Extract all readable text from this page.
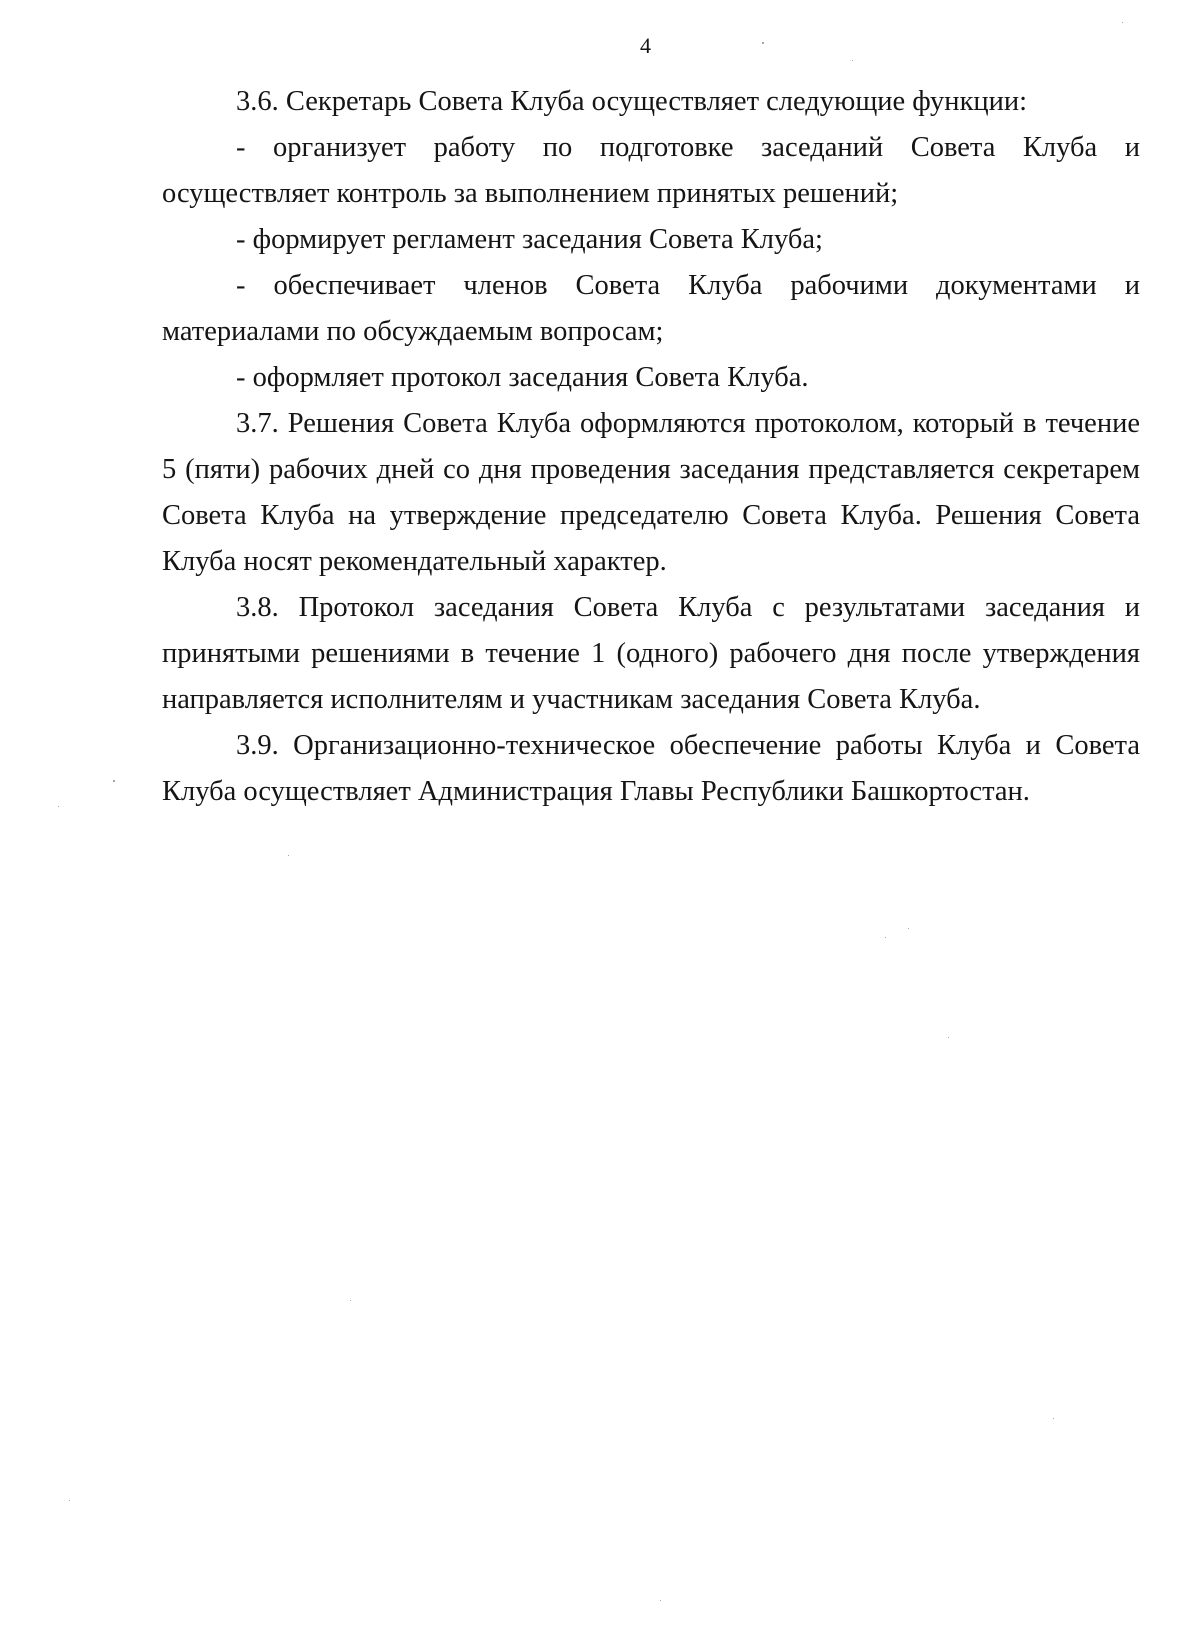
4

3.6. Секретарь Совета Клуба осуществляет следующие функции:

- организует работу по подготовке заседаний Совета Клуба и осуществляет контроль за выполнением принятых решений;

- формирует регламент заседания Совета Клуба;

- обеспечивает членов Совета Клуба рабочими документами и материалами по обсуждаемым вопросам;

- оформляет протокол заседания Совета Клуба.

3.7. Решения Совета Клуба оформляются протоколом, который в течение 5 (пяти) рабочих дней со дня проведения заседания представляется секретарем Совета Клуба на утверждение председателю Совета Клуба. Решения Совета Клуба носят рекомендательный характер.

3.8. Протокол заседания Совета Клуба с результатами заседания и принятыми решениями в течение 1 (одного) рабочего дня после утверждения направляется исполнителям и участникам заседания Совета Клуба.

3.9. Организационно-техническое обеспечение работы Клуба и Совета Клуба осуществляет Администрация Главы Республики Башкортостан.
